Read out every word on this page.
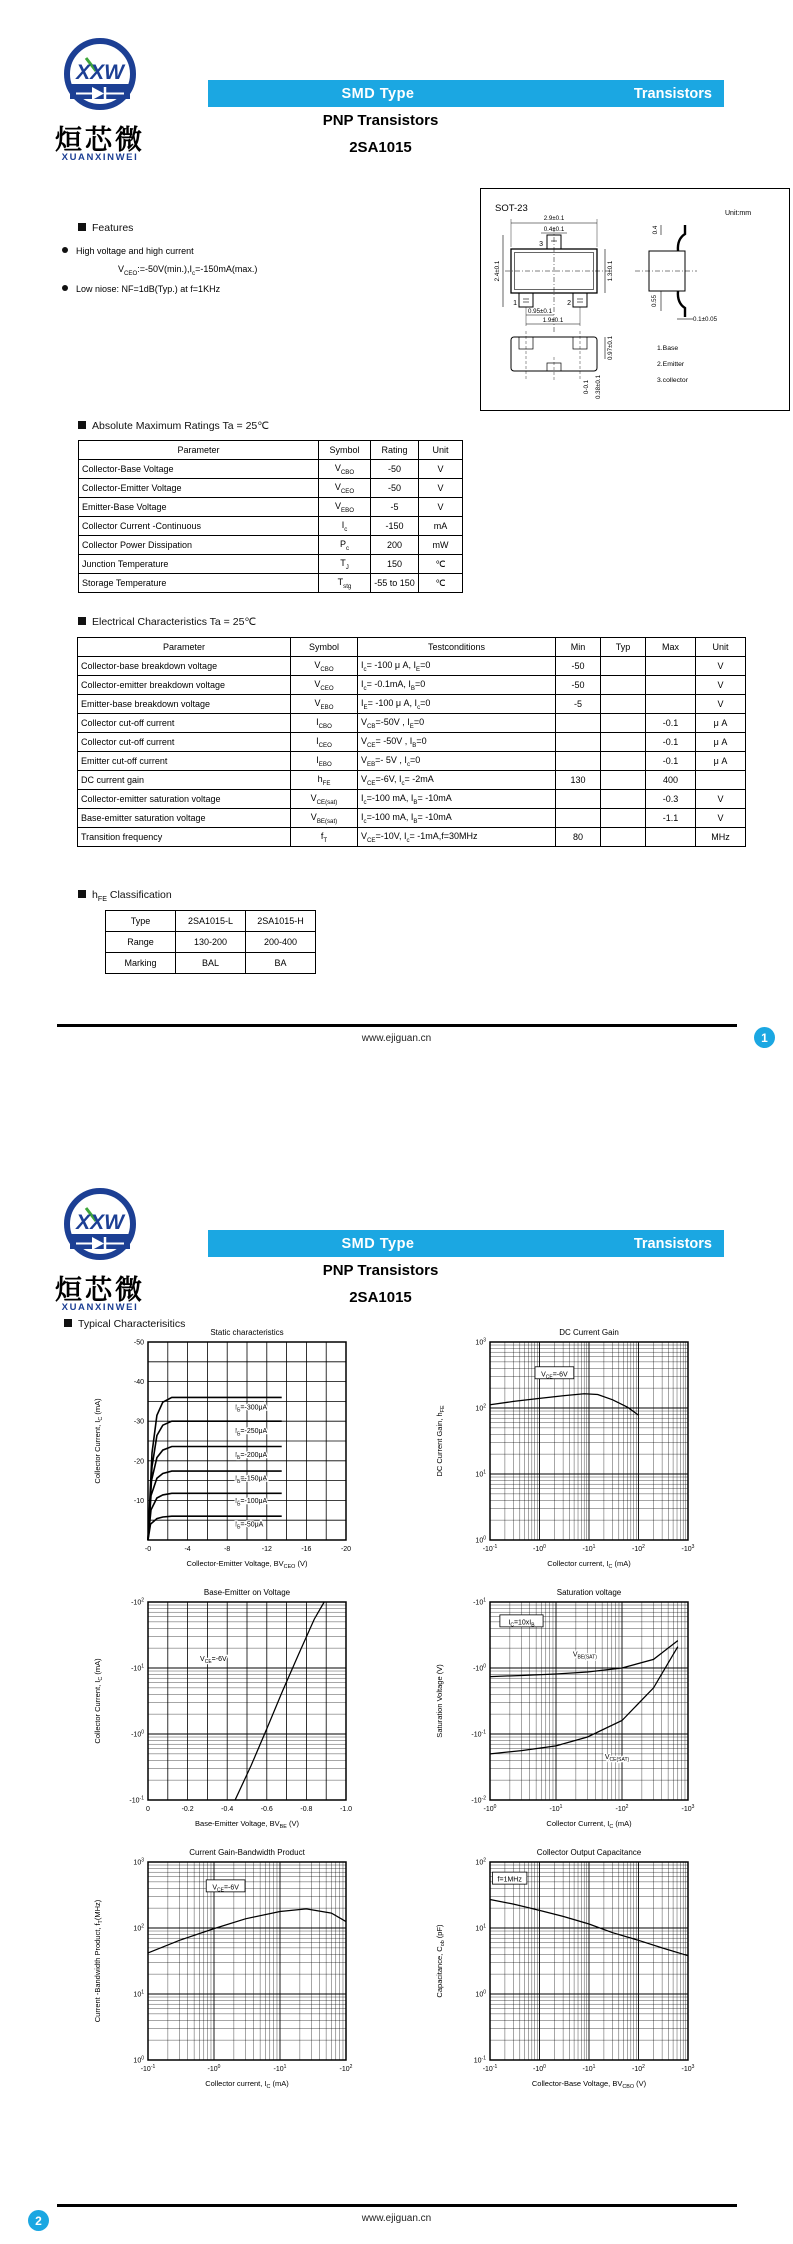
XXW
烜芯微
XUANXINWEI
SMD Type	Transistors
PNP Transistors
2SA1015
Features
High voltage and high current
$V_{CEO}:=-50V(\min.),I_c=-150mA(\max.)$
Low niose: NF=1dB(Typ.) at f=1KHz
SOT-23	Unit:mm
3
1	2
2.9±0.1
0.4±0.1
2.4±0.1	1.3±0.1
0.95±0.1
1.9±0.1
0.4
0.55
0.1±0.05
0.97±0.1
0-0.1 0.38±0.1
1.Base
2.Emitter
3.collector
Absolute Maximum Ratings Ta = 25℃
Parameter	Symbol	Rating	Unit
Collector-Base Voltage	$V_{CBO}$	-50	V
Collector-Emitter Voltage	$V_{CEO}$	-50	V
Emitter-Base Voltage	$V_{EBO}$	-5	V
Collector Current -Continuous	$I_c$	-150	mA
Collector Power Dissipation	$P_c$	200	mW
Junction Temperature	$T_J$	150	℃
Storage Temperature	$T_{stg}$	-55 to 150	℃
Electrical Characteristics Ta = 25℃
Parameter	Symbol	Testconditions	Min	Typ	Max	Unit
Collector-base breakdown voltage	$V_{CBO}$	$I_c= -100$ μ A, $I_E=0$	-50			V
Collector-emitter breakdown voltage	$V_{CEO}$	$I_c= -0.1mA$, $I_B=0$	-50			V
Emitter-base breakdown voltage	$V_{EBO}$	$I_E= -100$ μ A, $I_c=0$	-5			V
Collector cut-off current	$I_{CBO}$	$V_{CB}=-50V$ , $I_E=0$			-0.1	μ A
Collector cut-off current	$I_{CEO}$	$V_{CE}= -50V$ , $I_B=0$			-0.1	μ A
Emitter cut-off current	$I_{EBO}$	$V_{EB}=-$ 5V , $I_c=0$			-0.1	μ A
DC current gain	$h_{FE}$	$V_{CE}=-6V$, $I_c= -2mA$	130		400	
Collector-emitter saturation voltage	$V_{CE(sat)}$	$I_c=-100$ mA, $I_B= -10mA$			-0.3	V
Base-emitter saturation voltage	$V_{BE(sat)}$	$I_c=-100$ mA, $I_B= -10mA$			-1.1	V
Transition frequency	$f_T$	$V_{CE}=-10V$, $I_c= -1mA,f=30MHz$	80			MHz
$h_{FE}$ Classification
Type	2SA1015-L	2SA1015-H
Range	130-200	200-400
Marking	BAL	BA
www.ejiguan.cn	1
XXW
烜芯微
XUANXINWEI
SMD Type	Transistors
PNP Transistors
2SA1015
Typical Characterisitics
-0	-4	-8	-12	-16	-20
-10
-20
-30
-40
-50
Static characteristics
Collector-Emitter Voltage, $BV_{CEO}$ (V)
Collector Current, $I_C$ (mA)	$I_B=-300\mu A$
$I_B=-250\mu A$
$I_B=-200\mu A$
$I_B=-150\mu A$
$I_B=-100\mu A$
$I_B=-50\mu A$
$-10^{-1}$	$-10^0$	$-10^1$	$-10^2$	$-10^3$
$10^0$
$10^1$
$10^2$
$10^3$
DC Current Gain
Collector current, $I_C$ (mA)
DC Current Gain, $h_{FE}$
$V_{CE}=-6V$
0	-0.2	-0.4	-0.6	-0.8	-1.0
$-10^{-1}$
$-10^0$
$-10^1$
$-10^2$
Base-Emitter on Voltage
Base-Emitter Voltage, $BV_{BE}$ (V)
Collector Current, $I_C$ (mA)	$V_{CE}=-6V$
$-10^0$	$-10^1$	$-10^2$	$-10^3$
$-10^{-2}$
$-10^{-1}$
$-10^0$
$-10^1$
Saturation voltage
Collector Current, $I_C$ (mA)
Saturation Voltage (V)
$V_{BE(SAT)}$
$V_{CE(SAT)}$
$I_C=10xI_B$
$-10^{-1}$	$-10^0$	$-10^1$	$-10^2$
$10^0$
$10^1$
$10^2$
$10^3$
Current Gain-Bandwidth Product
Collector current, $I_C$ (mA)
Current -Bandwidth Product, $f_T(MHz)$
$V_{CE}=-6V$
$-10^{-1}$	$-10^0$	$-10^1$	$-10^2$	$-10^3$
$10^{-1}$
$10^0$
$10^1$
$10^2$
Collector Output Capacitance
Collector-Base Voltage, $BV_{CBO}$ (V)
Capacitance, $C_{ob}$ (pF)
f=1MHz
www.ejiguan.cn
2
